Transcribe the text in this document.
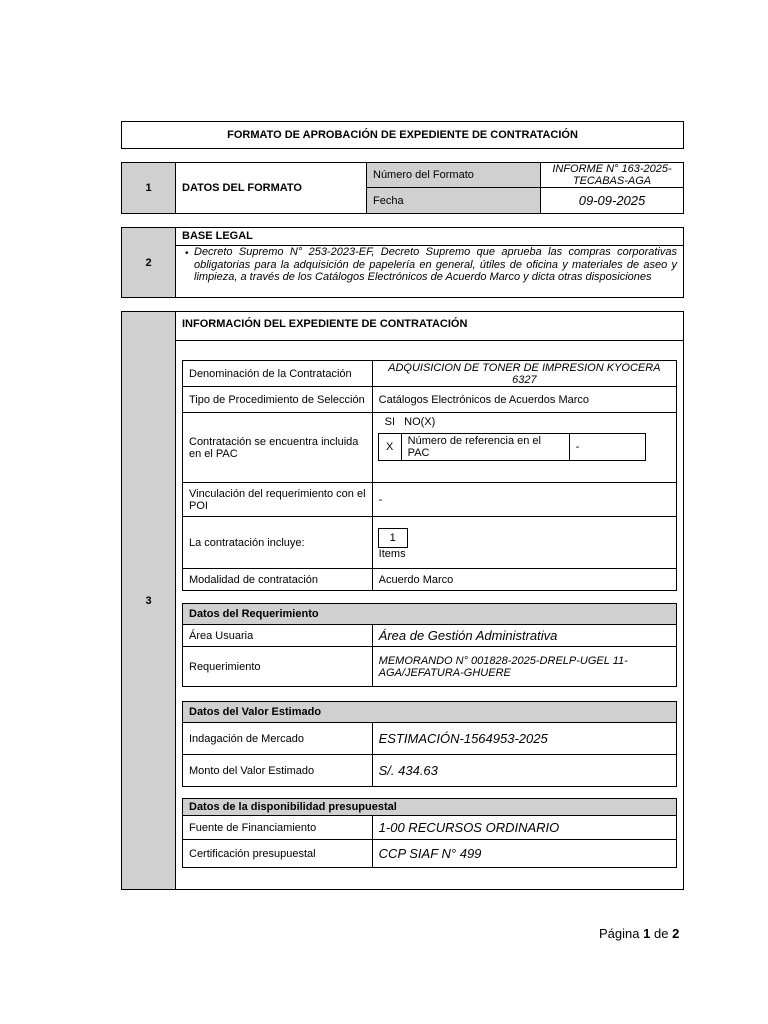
FORMATO DE APROBACIÓN DE EXPEDIENTE DE CONTRATACIÓN
1	DATOS DEL FORMATO
Número del Formato	INFORME N° 163-2025-TECABAS-AGA
Fecha	09-09-2025
2
BASE LEGAL
• Decreto Supremo N° 253-2023-EF, Decreto Supremo que aprueba las compras corporativas obligatorias para la adquisición de papelería en general, útiles de oficina y materiales de aseo y limpieza, a través de los Catálogos Electrónicos de Acuerdo Marco y dicta otras disposiciones
3
INFORMACIÓN DEL EXPEDIENTE DE CONTRATACIÓN
Denominación de la Contratación	ADQUISICION DE TONER DE IMPRESION KYOCERA 6327
Tipo de Procedimiento de Selección	Catálogos Electrónicos de Acuerdos Marco
Contratación se encuentra incluida en el PAC	
SI NO(X)
X	Número de referencia en el PAC	-

Vinculación del requerimiento con el POI	-
La contratación incluye:	1
Items

Modalidad de contratación	Acuerdo Marco
Datos del Requerimiento	
Área Usuaria	Área de Gestión Administrativa
Requerimiento	MEMORANDO N° 001828-2025-DRELP-UGEL 11-AGA/JEFATURA-GHUERE
Datos del Valor Estimado	
Indagación de Mercado	ESTIMACIÓN-1564953-2025
Monto del Valor Estimado	S/. 434.63
Datos de la disponibilidad presupuestal	
Fuente de Financiamiento	1-00 RECURSOS ORDINARIO
Certificación presupuestal	CCP SIAF N° 499
Página 1 de 2
